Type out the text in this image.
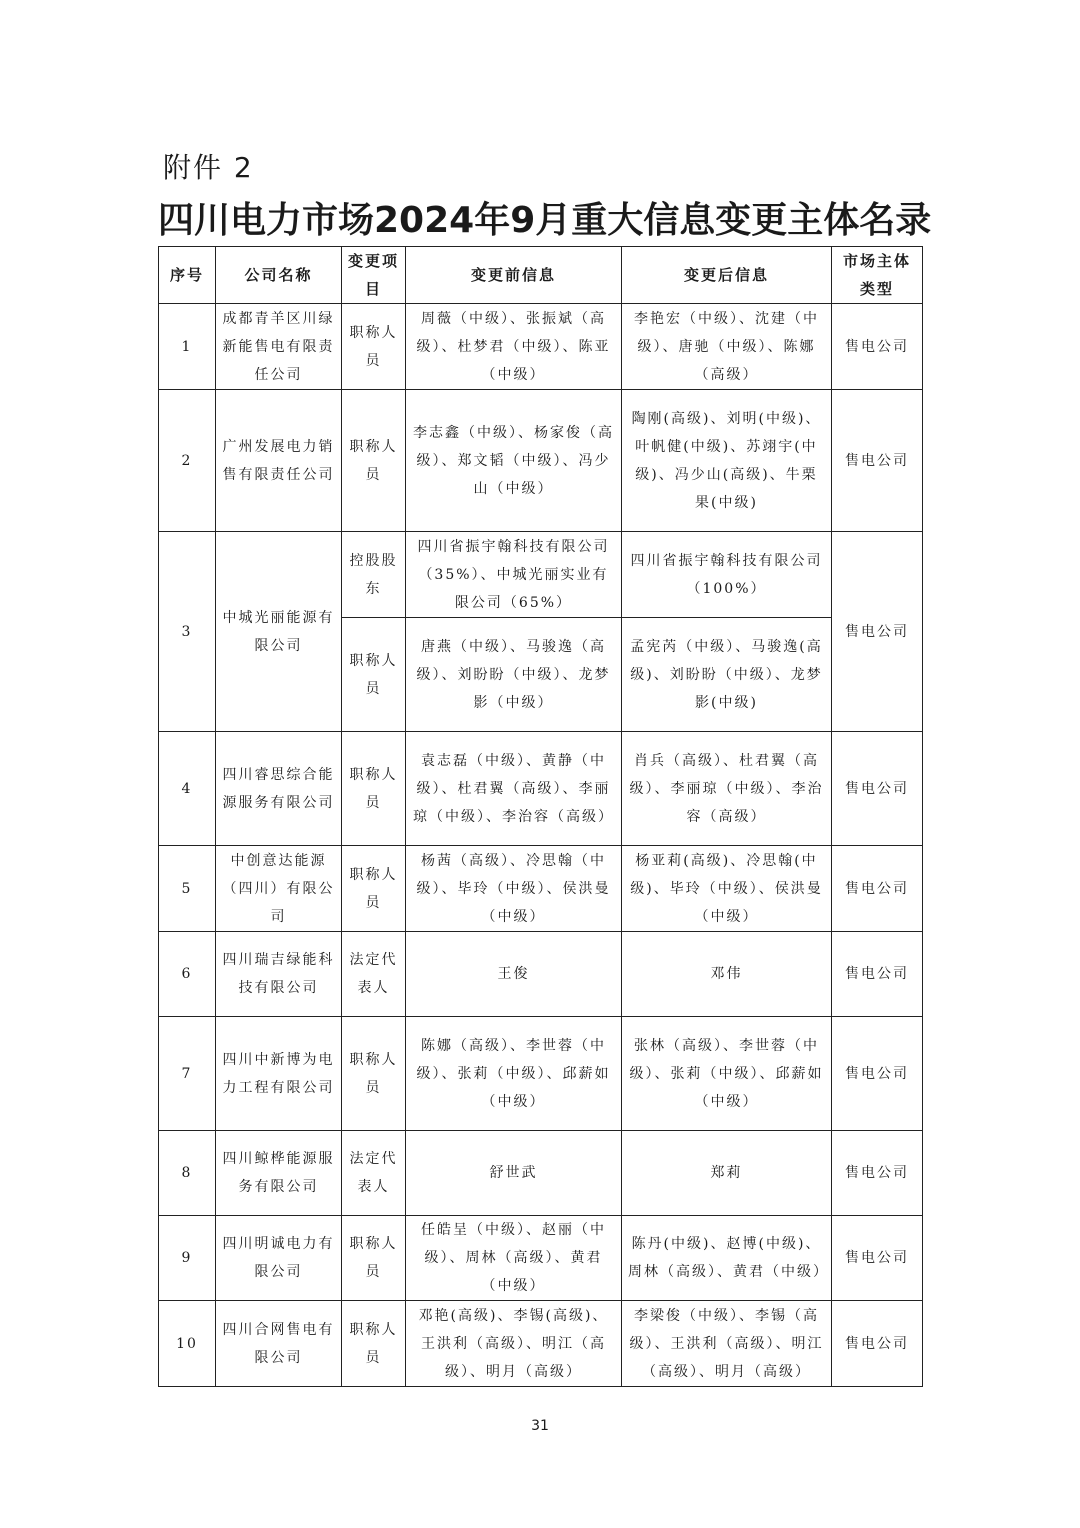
附件 2
四川电力市场2024年9月重大信息变更主体名录
序号	公司名称	变更项目	变更前信息	变更后信息	市场主体类型
1	成都青羊区川绿新能售电有限责任公司	职称人员	周薇（中级）、张振斌（高级）、杜梦君（中级）、陈亚（中级）	李艳宏（中级）、沈建（中级）、唐驰（中级）、陈娜（高级）	售电公司
2	广州发展电力销售有限责任公司	职称人员	李志鑫（中级）、杨家俊（高级）、郑文韬（中级）、冯少山（中级）	陶刚(高级)、刘明(中级)、叶帆健(中级)、苏翊宇(中级)、冯少山(高级)、牛栗果(中级)	售电公司
3	中城光丽能源有限公司	控股股东	四川省振宇翰科技有限公司（35%）、中城光丽实业有限公司（65%）	四川省振宇翰科技有限公司（100%）	售电公司
		职称人员	唐燕（中级）、马骏逸（高级）、刘盼盼（中级）、龙梦影（中级）	孟宪芮（中级）、马骏逸(高级)、刘盼盼（中级）、龙梦影(中级)	
4	四川睿思综合能源服务有限公司	职称人员	袁志磊（中级）、黄静（中级）、杜君翼（高级）、李丽琼（中级）、李治容（高级）	肖兵（高级）、杜君翼（高级）、李丽琼（中级）、李治容（高级）	售电公司
5	中创意达能源（四川）有限公司	职称人员	杨茜（高级）、冷思翰（中级）、毕玲（中级）、侯洪曼（中级）	杨亚莉(高级)、冷思翰(中级)、毕玲（中级）、侯洪曼（中级）	售电公司
6	四川瑞吉绿能科技有限公司	法定代表人	王俊	邓伟	售电公司
7	四川中新博为电力工程有限公司	职称人员	陈娜（高级）、李世蓉（中级）、张莉（中级）、邱薪如（中级）	张林（高级）、李世蓉（中级）、张莉（中级）、邱薪如（中级）	售电公司
8	四川鲸桦能源服务有限公司	法定代表人	舒世武	郑莉	售电公司
9	四川明诚电力有限公司	职称人员	任皓呈（中级）、赵丽（中级）、周林（高级）、黄君（中级）	陈丹(中级)、赵博(中级)、周林（高级）、黄君（中级）	售电公司
10	四川合网售电有限公司	职称人员	邓艳(高级)、李锡(高级)、王洪利（高级）、明江（高级）、明月（高级）	李梁俊（中级）、李锡（高级）、王洪利（高级）、明江（高级）、明月（高级）	售电公司
31
